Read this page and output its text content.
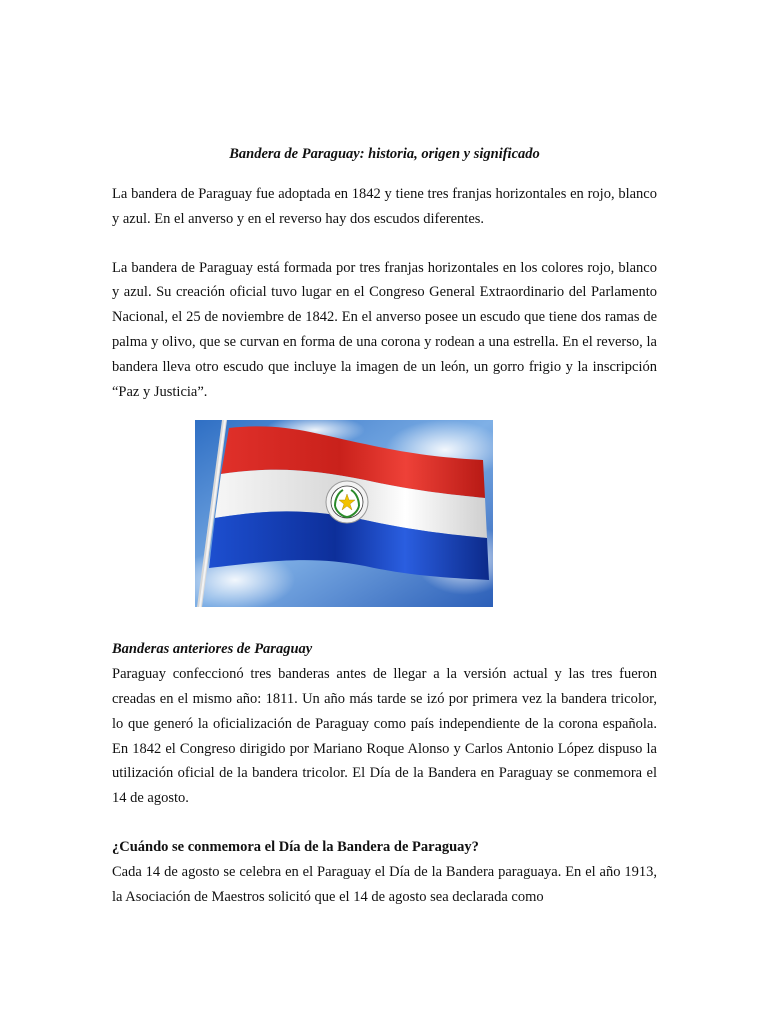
Bandera de Paraguay: historia, origen y significado

La bandera de Paraguay fue adoptada en 1842 y tiene tres franjas horizontales en rojo, blanco y azul. En el anverso y en el reverso hay dos escudos diferentes.

La bandera de Paraguay está formada por tres franjas horizontales en los colores rojo, blanco y azul. Su creación oficial tuvo lugar en el Congreso General Extraordinario del Parlamento Nacional, el 25 de noviembre de 1842. En el anverso posee un escudo que tiene dos ramas de palma y olivo, que se curvan en forma de una corona y rodean a una estrella. En el reverso, la bandera lleva otro escudo que incluye la imagen de un león, un gorro frigio y la inscripción “Paz y Justicia”.

Banderas anteriores de Paraguay

Paraguay confeccionó tres banderas antes de llegar a la versión actual y las tres fueron creadas en el mismo año: 1811. Un año más tarde se izó por primera vez la bandera tricolor, lo que generó la oficialización de Paraguay como país independiente de la corona española. En 1842 el Congreso dirigido por Mariano Roque Alonso y Carlos Antonio López dispuso la utilización oficial de la bandera tricolor. El Día de la Bandera en Paraguay se conmemora el 14 de agosto.

¿Cuándo se conmemora el Día de la Bandera de Paraguay?

Cada 14 de agosto se celebra en el Paraguay el Día de la Bandera paraguaya. En el año 1913, la Asociación de Maestros solicitó que el 14 de agosto sea declarada como
